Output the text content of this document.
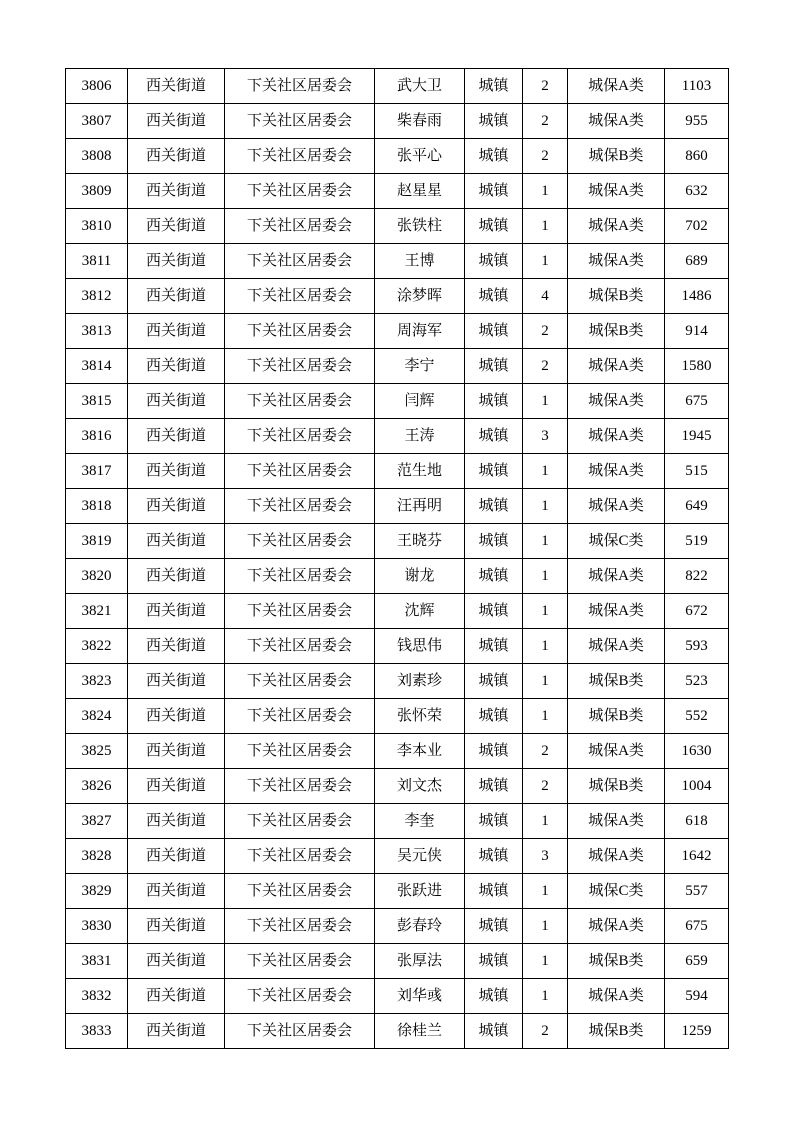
3806	西关街道	下关社区居委会	武大卫	城镇	2	城保A类	1103
3807	西关街道	下关社区居委会	柴春雨	城镇	2	城保A类	955
3808	西关街道	下关社区居委会	张平心	城镇	2	城保B类	860
3809	西关街道	下关社区居委会	赵星星	城镇	1	城保A类	632
3810	西关街道	下关社区居委会	张铁柱	城镇	1	城保A类	702
3811	西关街道	下关社区居委会	王博	城镇	1	城保A类	689
3812	西关街道	下关社区居委会	涂梦晖	城镇	4	城保B类	1486
3813	西关街道	下关社区居委会	周海军	城镇	2	城保B类	914
3814	西关街道	下关社区居委会	李宁	城镇	2	城保A类	1580
3815	西关街道	下关社区居委会	闫辉	城镇	1	城保A类	675
3816	西关街道	下关社区居委会	王涛	城镇	3	城保A类	1945
3817	西关街道	下关社区居委会	范生地	城镇	1	城保A类	515
3818	西关街道	下关社区居委会	汪再明	城镇	1	城保A类	649
3819	西关街道	下关社区居委会	王晓芬	城镇	1	城保C类	519
3820	西关街道	下关社区居委会	谢龙	城镇	1	城保A类	822
3821	西关街道	下关社区居委会	沈辉	城镇	1	城保A类	672
3822	西关街道	下关社区居委会	钱思伟	城镇	1	城保A类	593
3823	西关街道	下关社区居委会	刘素珍	城镇	1	城保B类	523
3824	西关街道	下关社区居委会	张怀荣	城镇	1	城保B类	552
3825	西关街道	下关社区居委会	李本业	城镇	2	城保A类	1630
3826	西关街道	下关社区居委会	刘文杰	城镇	2	城保B类	1004
3827	西关街道	下关社区居委会	李奎	城镇	1	城保A类	618
3828	西关街道	下关社区居委会	吴元侠	城镇	3	城保A类	1642
3829	西关街道	下关社区居委会	张跃进	城镇	1	城保C类	557
3830	西关街道	下关社区居委会	彭春玲	城镇	1	城保A类	675
3831	西关街道	下关社区居委会	张厚法	城镇	1	城保B类	659
3832	西关街道	下关社区居委会	刘华彧	城镇	1	城保A类	594
3833	西关街道	下关社区居委会	徐桂兰	城镇	2	城保B类	1259
